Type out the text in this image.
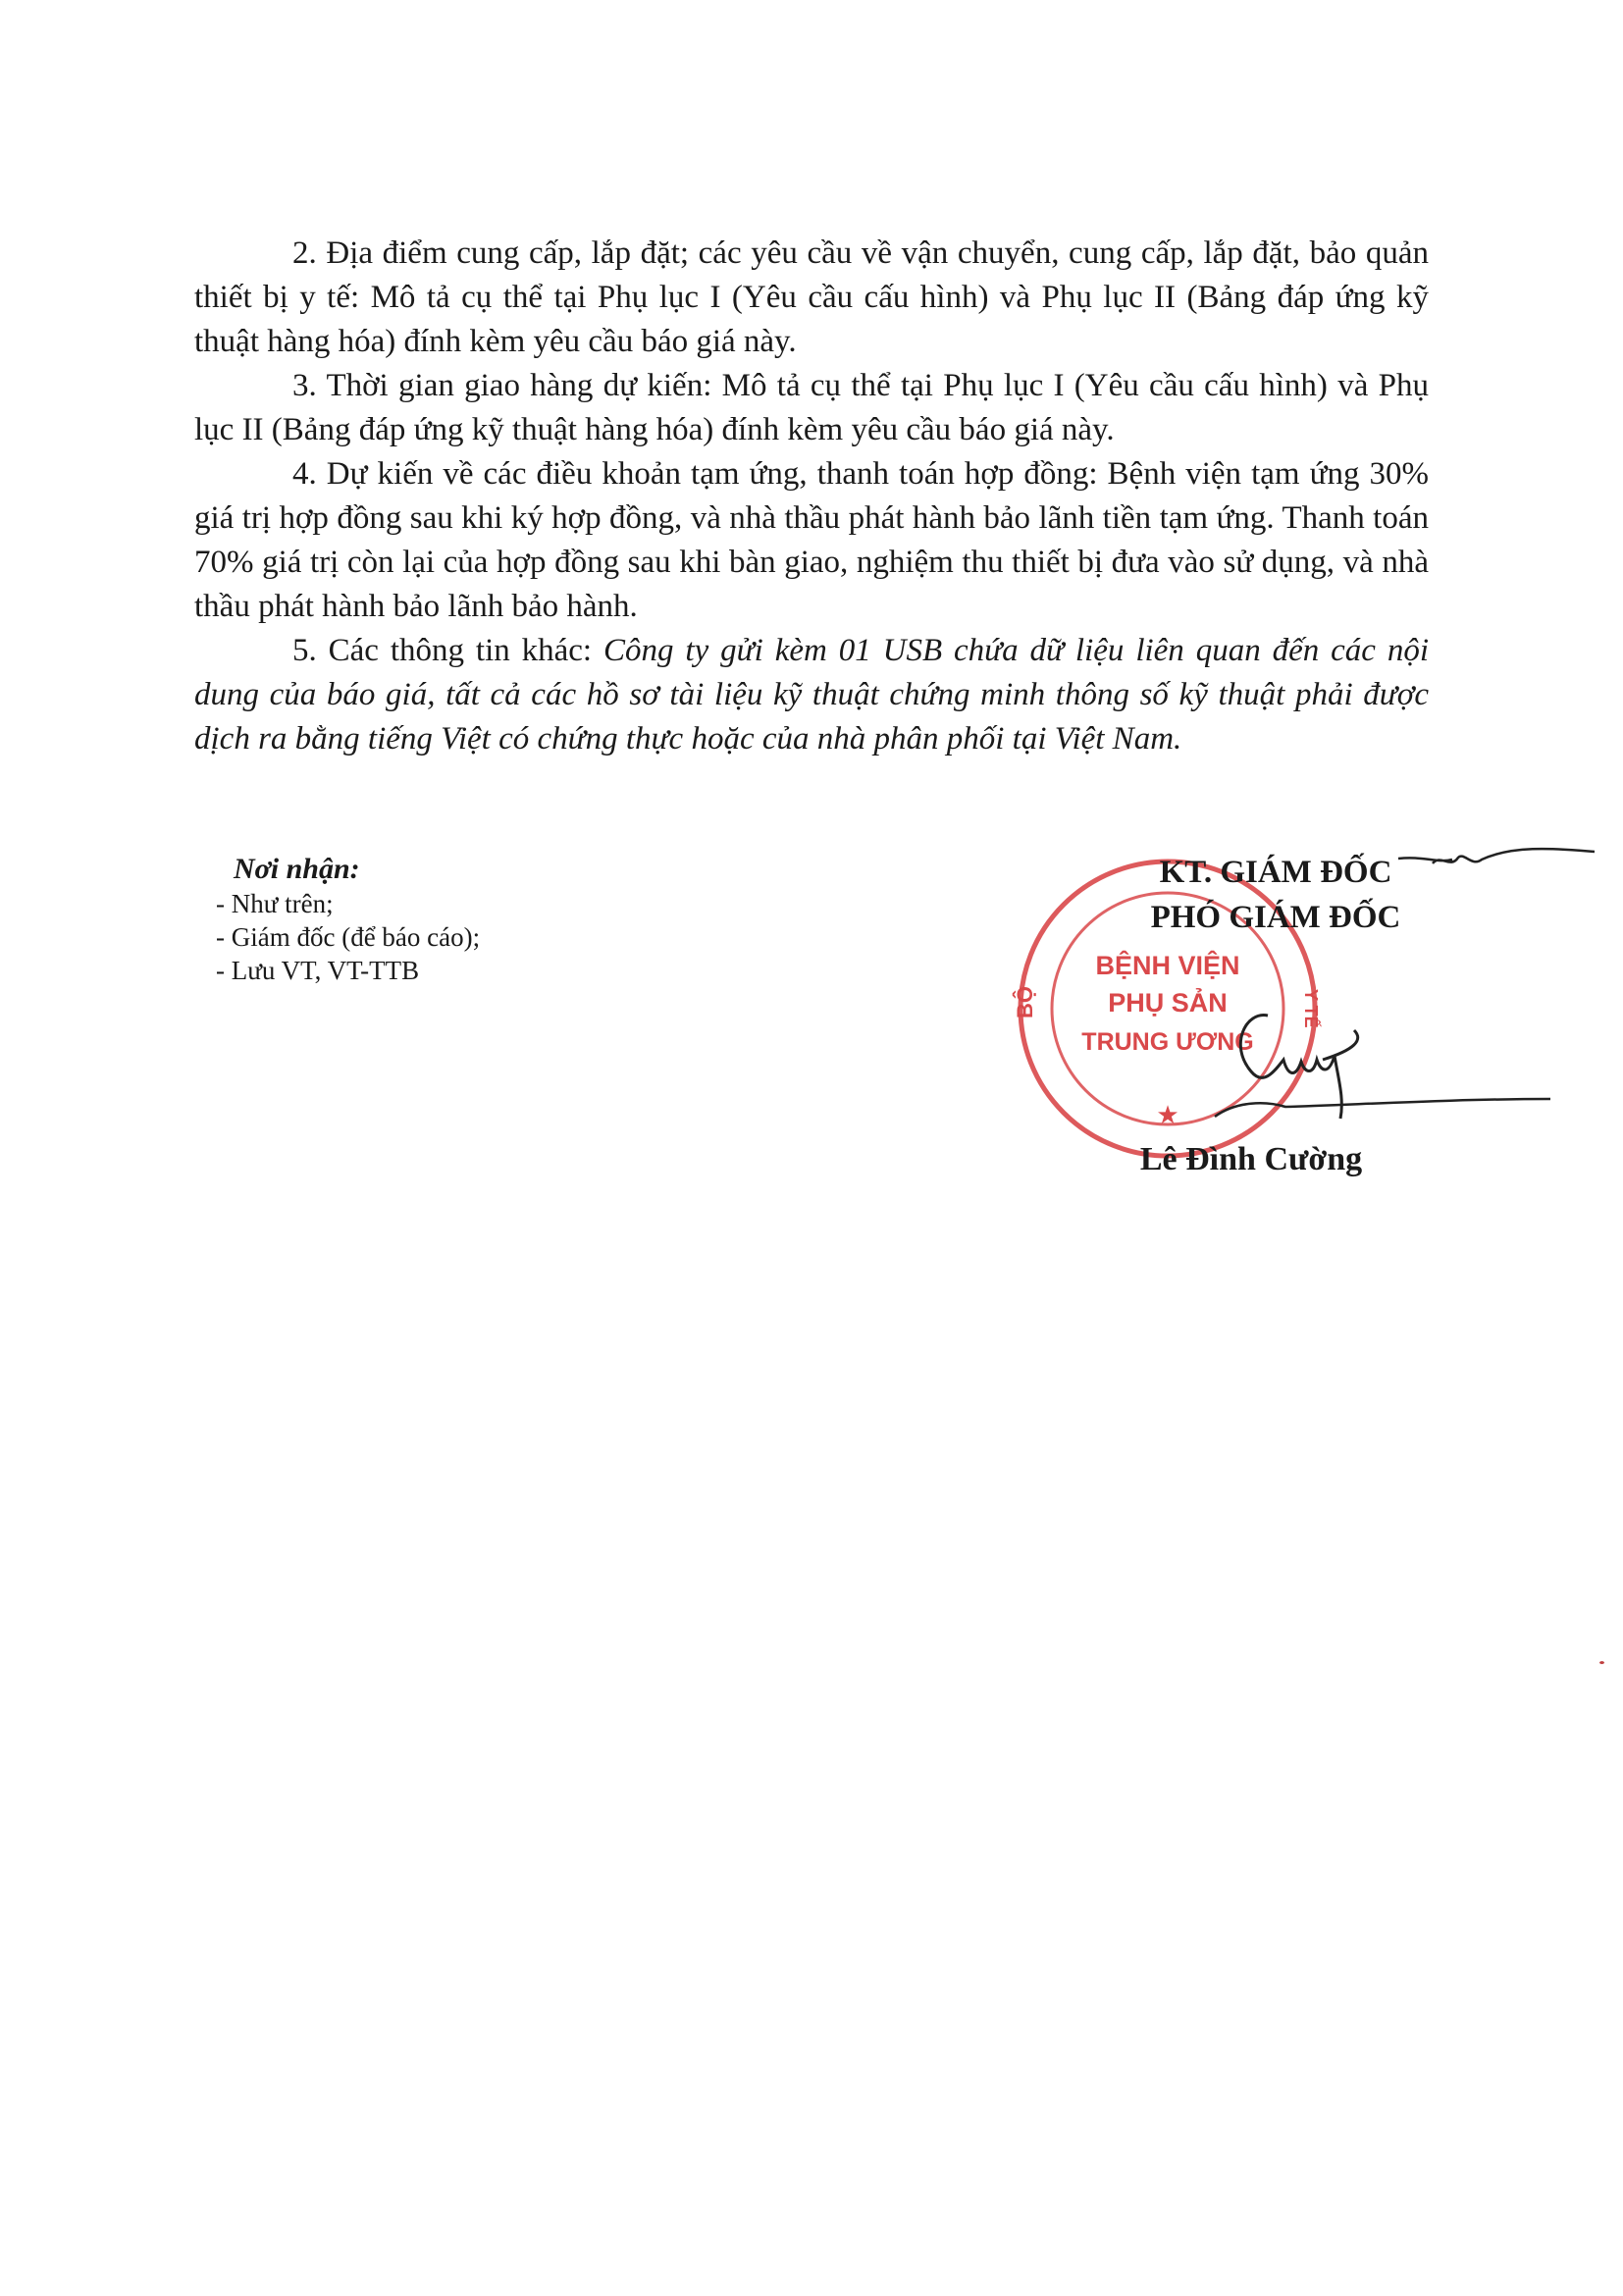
2. Địa điểm cung cấp, lắp đặt; các yêu cầu về vận chuyển, cung cấp, lắp đặt, bảo quản thiết bị y tế: Mô tả cụ thể tại Phụ lục I (Yêu cầu cấu hình) và Phụ lục II (Bảng đáp ứng kỹ thuật hàng hóa) đính kèm yêu cầu báo giá này.

3. Thời gian giao hàng dự kiến: Mô tả cụ thể tại Phụ lục I (Yêu cầu cấu hình) và Phụ lục II (Bảng đáp ứng kỹ thuật hàng hóa) đính kèm yêu cầu báo giá này.

4. Dự kiến về các điều khoản tạm ứng, thanh toán hợp đồng: Bệnh viện tạm ứng 30% giá trị hợp đồng sau khi ký hợp đồng, và nhà thầu phát hành bảo lãnh tiền tạm ứng. Thanh toán 70% giá trị còn lại của hợp đồng sau khi bàn giao, nghiệm thu thiết bị đưa vào sử dụng, và nhà thầu phát hành bảo lãnh bảo hành.

5. Các thông tin khác: Công ty gửi kèm 01 USB chứa dữ liệu liên quan đến các nội dung của báo giá, tất cả các hồ sơ tài liệu kỹ thuật chứng minh thông số kỹ thuật phải được dịch ra bằng tiếng Việt có chứng thực hoặc của nhà phân phối tại Việt Nam.

Nơi nhận:
- Như trên;
- Giám đốc (để báo cáo);
- Lưu VT, VT-TTB	BỆNH VIỆN
PHỤ SẢN
TRUNG ƯƠNG
BỘ	Y TẾ
★
KT. GIÁM ĐỐC
PHÓ GIÁM ĐỐC
Lê Đình Cường
